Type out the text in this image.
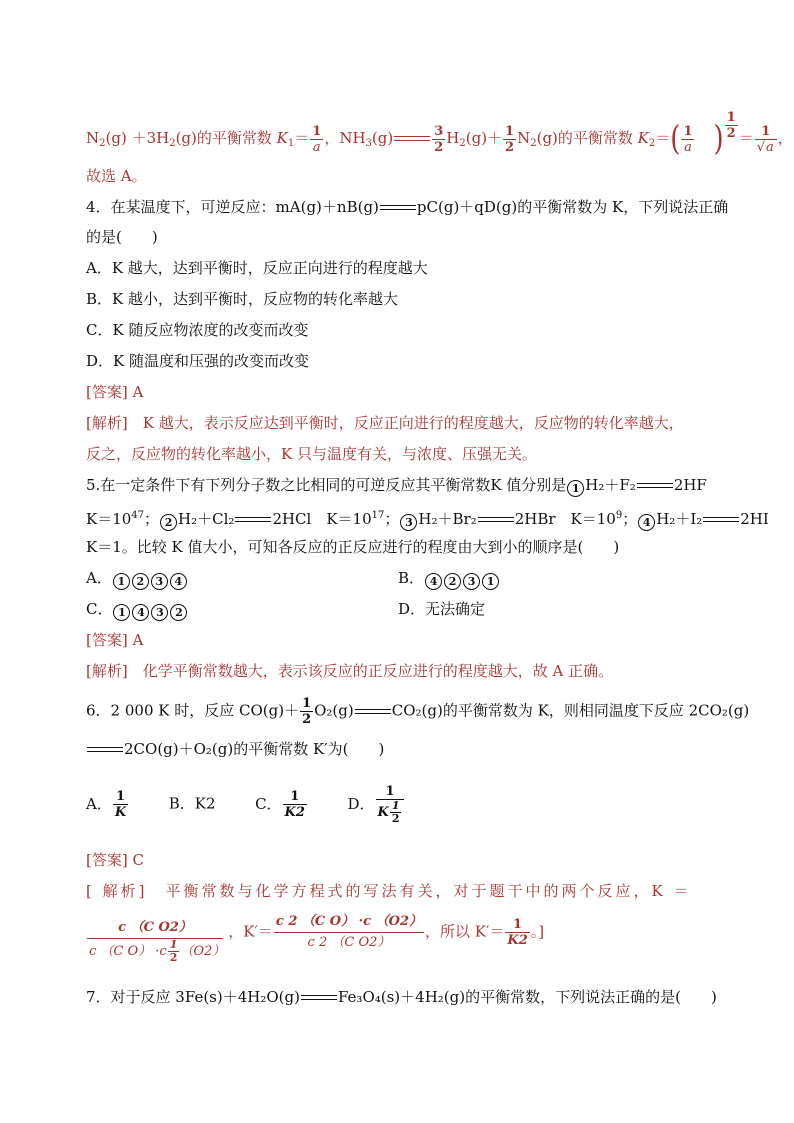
$N_2(g) +3H_2(g)$的平衡常数 $K_1= \frac{1}{a}$ ，$NH_3(g)$	$\frac{3}{2} H_2(g)+ \frac{1}{2} N_2(g)$的平衡常数 $K_2=( \frac{1}{a}$ ) $\frac{1}{2} = \frac{1}{√a}$ ，
故选 A。
4．在某温度下，可逆反应：mA(g)＋nB(g)	pC(g)＋qD(g)的平衡常数为 K，下列说法正确
的是(　　)
A．K 越大，达到平衡时，反应正向进行的程度越大
B．K 越小，达到平衡时，反应物的转化率越大
C．K 随反应物浓度的改变而改变
D．K 随温度和压强的改变而改变
[答案] A
[解析]　K 越大，表示反应达到平衡时，反应正向进行的程度越大，反应物的转化率越大，
反之，反应物的转化率越小，K 只与温度有关，与浓度、压强无关。
5.在一定条件下有下列分子数之比相同的可逆反应其平衡常数K 值分别是 1 H₂＋F₂	2HF
$K=10^{47}$； 2 H₂＋Cl₂	2HCl　$K=10^{17}$； 3 H₂＋Br₂	2HBr　$K=10^9$； 4 H₂＋I₂	2HI
K＝1。比较 K 值大小，可知各反应的正反应进行的程度由大到小的顺序是(　　)
A． 1 2 3 4	B． 4 2 3 1
C． 1 4 3 2	D．无法确定
[答案] A
[解析]　化学平衡常数越大，表示该反应的正反应进行的程度越大，故 A 正确。
6．2 000 K 时，反应 $CO(g)+ \frac{1}{2} O_2(g)$	CO₂(g)的平衡常数为 K，则相同温度下反应 2CO₂(g)
2CO(g)＋O₂(g)的平衡常数 K′为(　　)
A． $\frac{1}{K}$	B．K2	C． $\frac{1}{K2}$	D． $\frac{1}{K \frac{1}{2}}$
[答案] C
[ 解析]　平衡常数与化学方程式的写法有关，对于题干中的两个反应，K ＝
$\frac{\text{c （C O2）}}{c (C O) \cdot c \frac{1}{2} (O2)}$ ，$K'= \frac{\text{c 2 （C O） ·c （O2）}}{\text{c 2 （C O2）}}$ ，所以 $K'= \frac{1}{K2}$ 。]
7．对于反应 3Fe(s)＋4H₂O(g)	Fe₃O₄(s)＋4H₂(g)的平衡常数，下列说法正确的是(　　)
